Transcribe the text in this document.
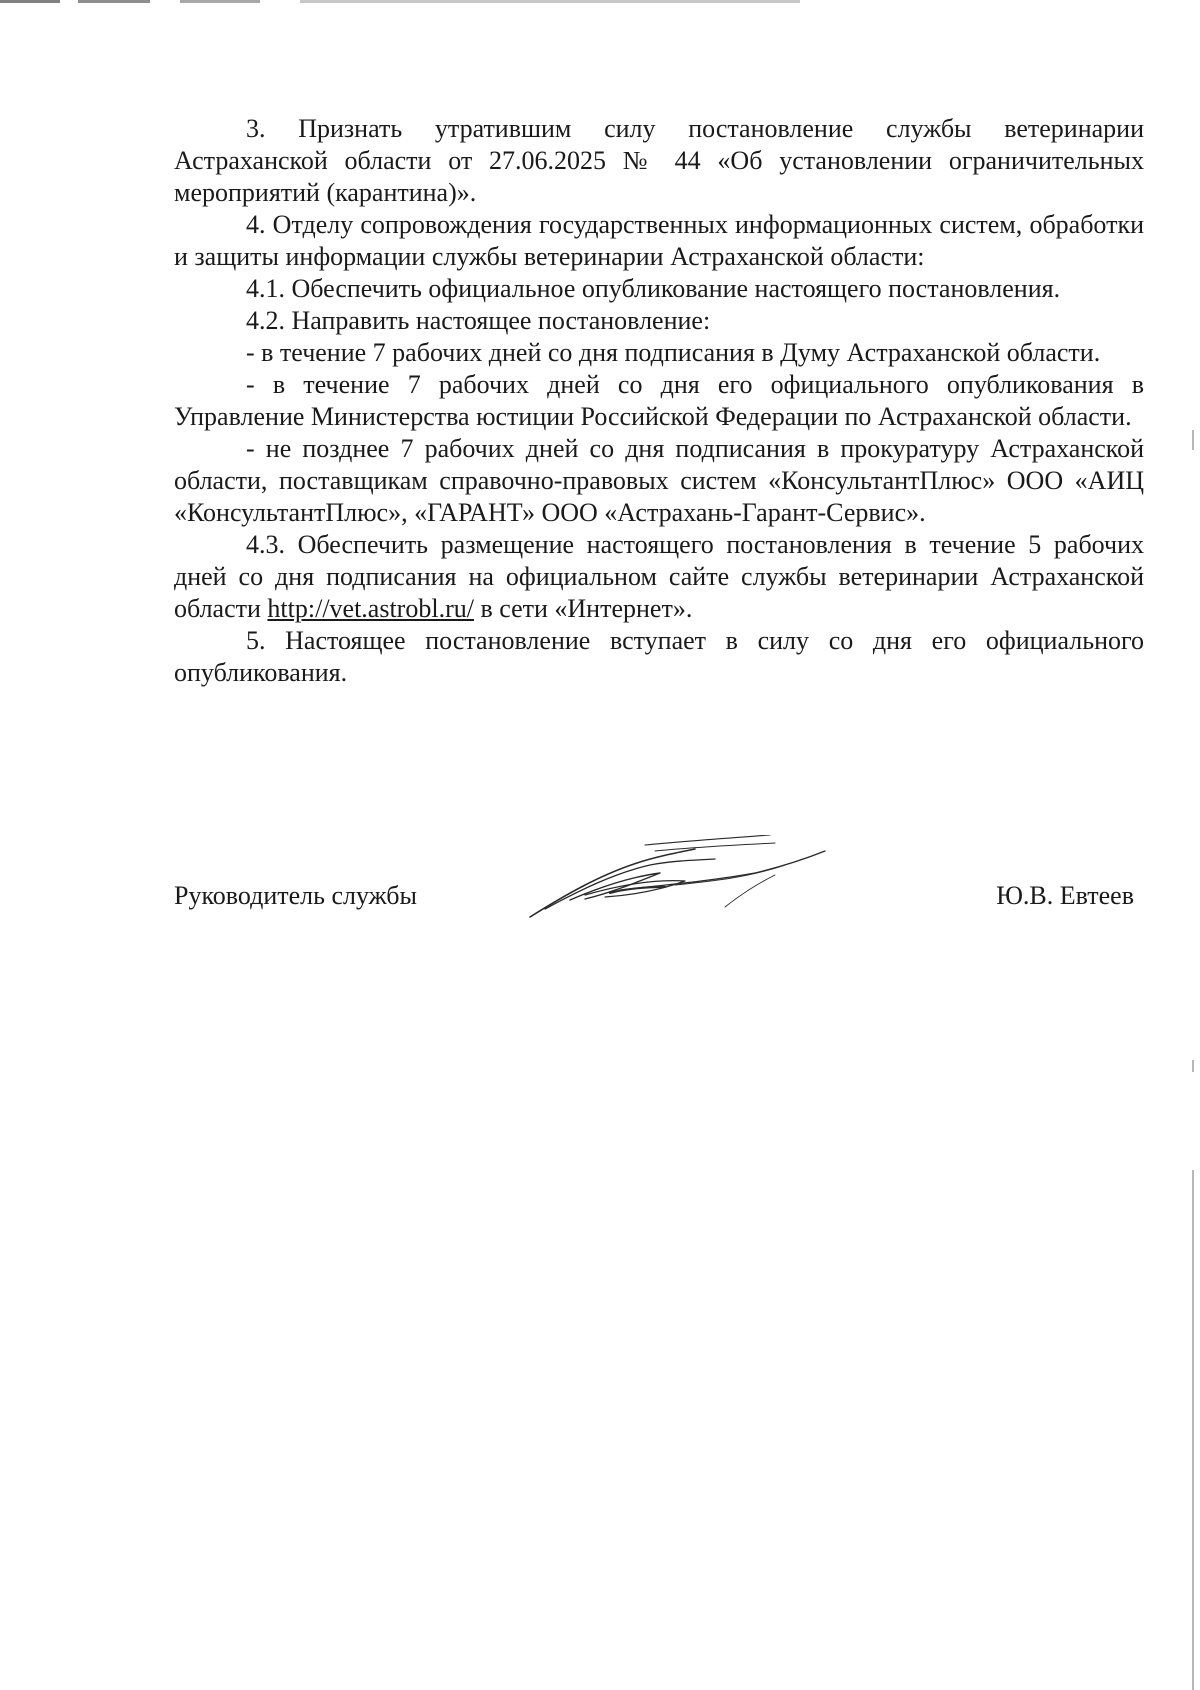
3. Признать утратившим силу постановление службы ветеринарии Астраханской области от 27.06.2025 № 44 «Об установлении ограничительных мероприятий (карантина)».

4. Отделу сопровождения государственных информационных систем, обработки и защиты информации службы ветеринарии Астраханской области:

4.1. Обеспечить официальное опубликование настоящего постановления.

4.2. Направить настоящее постановление:

- в течение 7 рабочих дней со дня подписания в Думу Астраханской области.

- в течение 7 рабочих дней со дня его официального опубликования в Управление Министерства юстиции Российской Федерации по Астраханской области.

- не позднее 7 рабочих дней со дня подписания в прокуратуру Астраханской области, поставщикам справочно-правовых систем «КонсультантПлюс» ООО «АИЦ «КонсультантПлюс», «ГАРАНТ» ООО «Астрахань-Гарант-Сервис».

4.3. Обеспечить размещение настоящего постановления в течение 5 рабочих дней со дня подписания на официальном сайте службы ветеринарии Астраханской области http://vet.astrobl.ru/ в сети «Интернет».

5. Настоящее постановление вступает в силу со дня его официального опубликования.

Руководитель службы	Ю.В. Евтеев
